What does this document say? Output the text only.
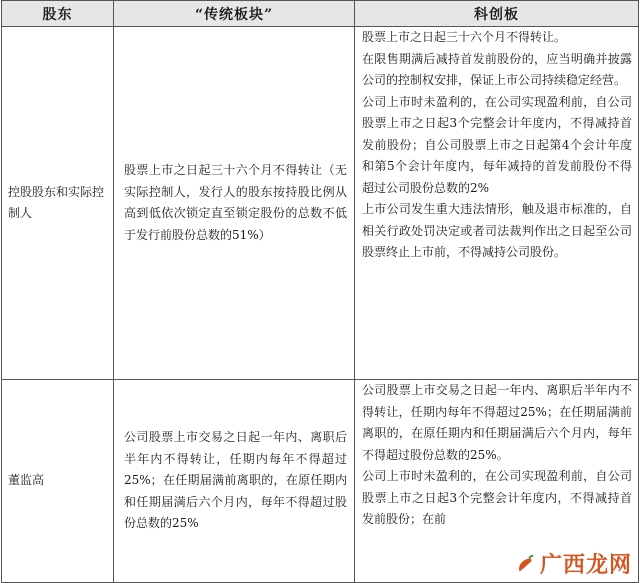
股东	“传统板块”	科创板
控股股东和实际控制人	股票上市之日起三十六个月不得转让（无实际控制人，发行人的股东按持股比例从高到低依次锁定直至锁定股份的总数不低于发行前股份总数的51%）	股票上市之日起三十六个月不得转让。

在限售期满后减持首发前股份的，应当明确并披露公司的控制权安排，保证上市公司持续稳定经营。

公司上市时未盈利的，在公司实现盈利前，自公司股票上市之日起3个完整会计年度内，不得减持首发前股份；自公司股票上市之日起第4个会计年度和第5个会计年度内，每年减持的首发前股份不得超过公司股份总数的2%

上市公司发生重大违法情形，触及退市标准的，自相关行政处罚决定或者司法裁判作出之日起至公司股票终止上市前，不得减持公司股份。

董监高	公司股票上市交易之日起一年内、离职后半年内不得转让，任期内每年不得超过25%；在任期届满前离职的，在原任期内和任期届满后六个月内，每年不得超过股份总数的25%	公司股票上市交易之日起一年内、离职后半年内不得转让，任期内每年不得超过25%；在任期届满前离职的，在原任期内和任期届满后六个月内，每年不得超过股份总数的25%。

公司上市时未盈利的，在公司实现盈利前，自公司股票上市之日起3个完整会计年度内，不得减持首发前股份；在前

广西龙网
